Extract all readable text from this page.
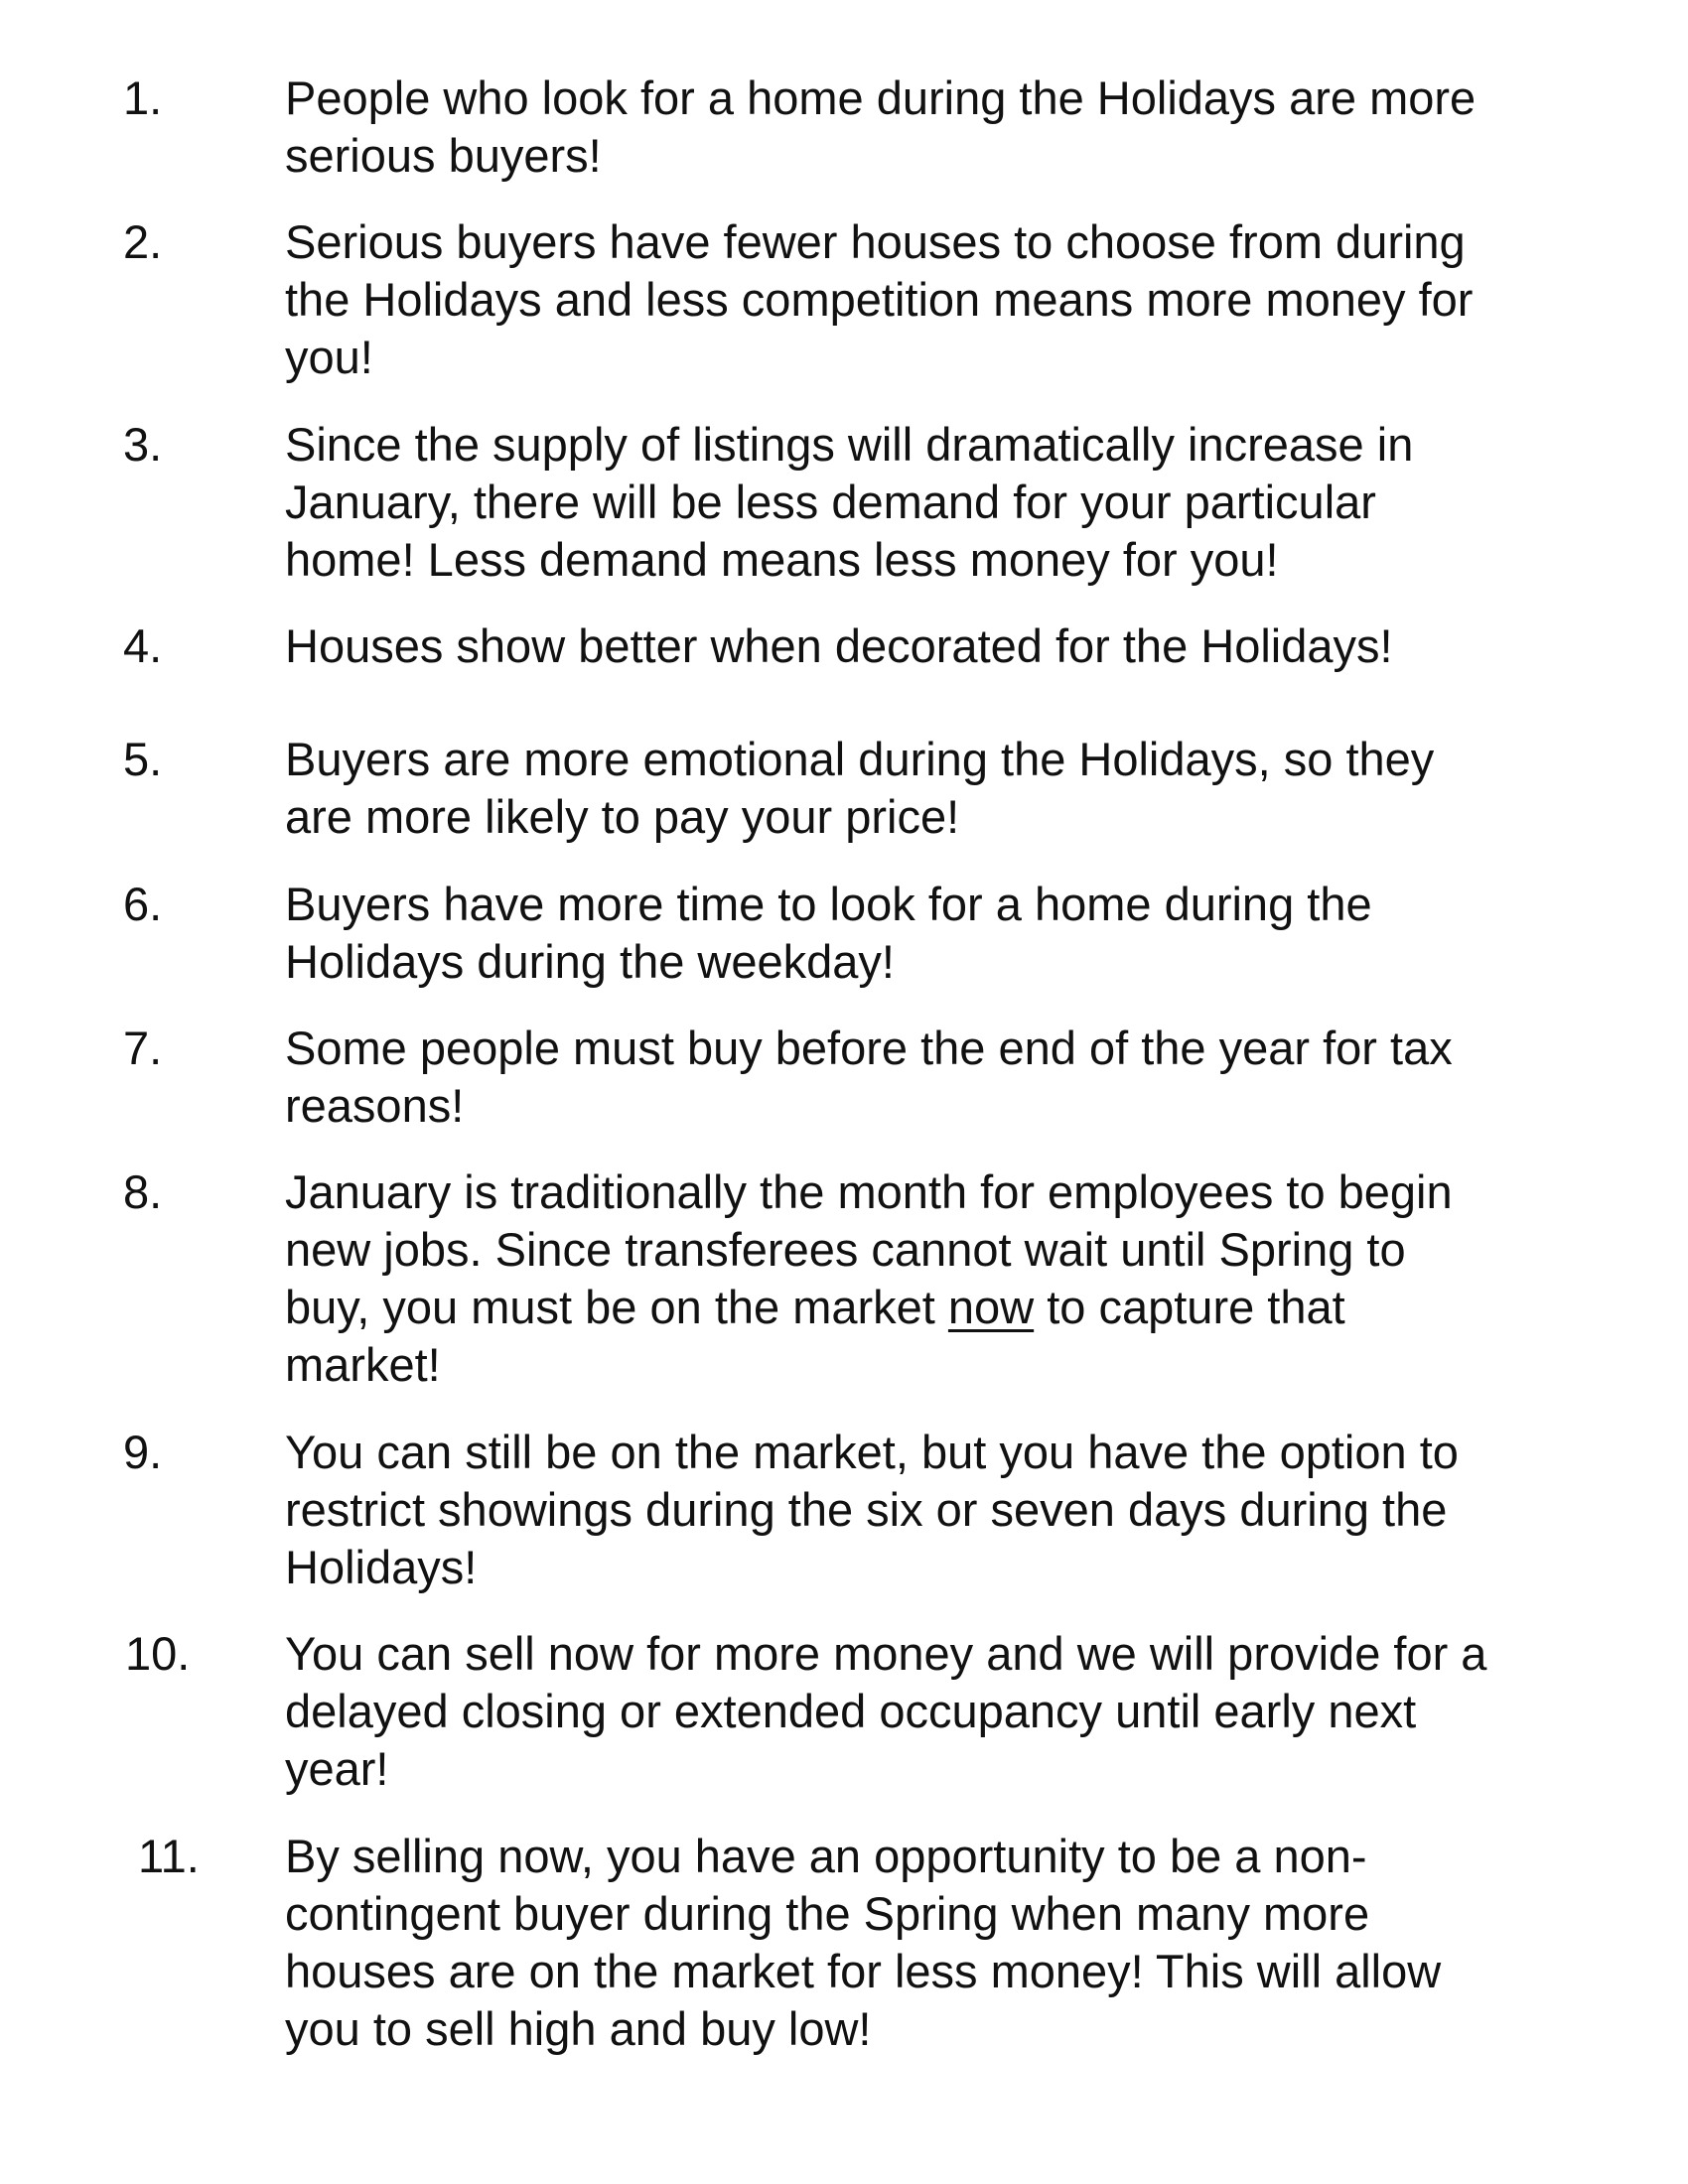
1.	People who look for a home during the Holidays are more
serious buyers!
2.	Serious buyers have fewer houses to choose from during
the Holidays and less competition means more money for
you!
3.	Since the supply of listings will dramatically increase in
January, there will be less demand for your particular
home! Less demand means less money for you!
4.	Houses show better when decorated for the Holidays!
5.	Buyers are more emotional during the Holidays, so they
are more likely to pay your price!
6.	Buyers have more time to look for a home during the
Holidays during the weekday!
7.	Some people must buy before the end of the year for tax
reasons!
8.	January is traditionally the month for employees to begin
new jobs. Since transferees cannot wait until Spring to
buy, you must be on the market now to capture that
market!
9.	You can still be on the market, but you have the option to
restrict showings during the six or seven days during the
Holidays!
10. You can sell now for more money and we will provide for a
delayed closing or extended occupancy until early next
year!
11. By selling now, you have an opportunity to be a non-
contingent buyer during the Spring when many more
houses are on the market for less money! This will allow
you to sell high and buy low!
